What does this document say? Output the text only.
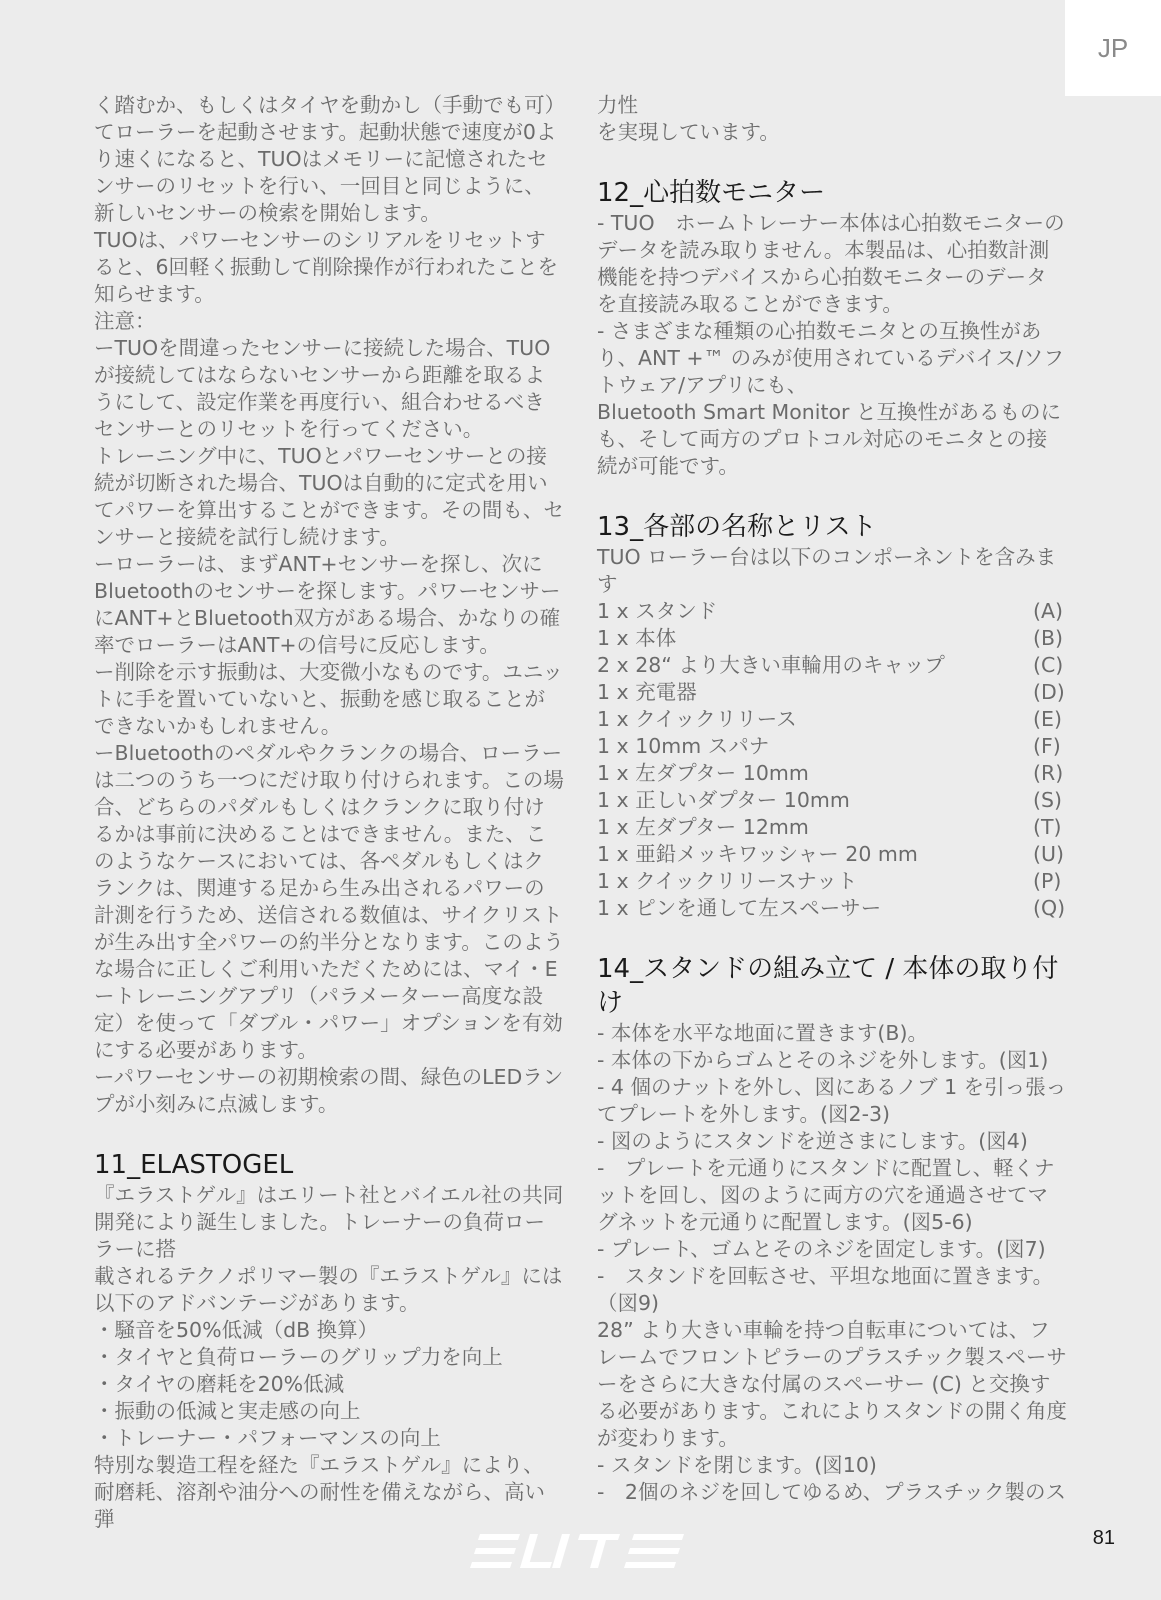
JP

く踏むか、もしくはタイヤを動かし（手動でも可）てローラーを起動させます。起動状態で速度が0より速くになると、TUOはメモリーに記憶されたセンサーのリセットを行い、一回目と同じように、新しいセンサーの検索を開始します。

TUOは、パワーセンサーのシリアルをリセットすると、6回軽く振動して削除操作が行われたことを知らせます。

注意：

ーTUOを間違ったセンサーに接続した場合、TUOが接続してはならないセンサーから距離を取るようにして、設定作業を再度行い、組合わせるべきセンサーとのリセットを行ってください。

トレーニング中に、TUOとパワーセンサーとの接続が切断された場合、TUOは自動的に定式を用いてパワーを算出することができます。その間も、センサーと接続を試行し続けます。

ーローラーは、まずANT+センサーを探し、次にBluetoothのセンサーを探します。パワーセンサーにANT+とBluetooth双方がある場合、かなりの確率でローラーはANT+の信号に反応します。

ー削除を示す振動は、大変微小なものです。ユニットに手を置いていないと、振動を感じ取ることができないかもしれません。

ーBluetoothのペダルやクランクの場合、ローラーは二つのうち一つにだけ取り付けられます。この場合、どちらのパダルもしくはクランクに取り付けるかは事前に決めることはできません。また、このようなケースにおいては、各ペダルもしくはクランクは、関連する足から生み出されるパワーの計測を行うため、送信される数値は、サイクリストが生み出す全パワーの約半分となります。このような場合に正しくご利用いただくためには、マイ・Eートレーニングアプリ（パラメーターー高度な設定）を使って「ダブル・パワー」オプションを有効にする必要があります。

ーパワーセンサーの初期検索の間、緑色のLEDランプが小刻みに点滅します。

11_ELASTOGEL

『エラストゲル』はエリート社とバイエル社の共同開発により誕生しました。トレーナーの負荷ローラーに搭

載されるテクノポリマー製の『エラストゲル』には以下のアドバンテージがあります。

・騒音を50%低減（dB 換算）

・タイヤと負荷ローラーのグリップ力を向上

・タイヤの磨耗を20%低減

・振動の低減と実走感の向上

・トレーナー・パフォーマンスの向上

特別な製造工程を経た『エラストゲル』により、耐磨耗、溶剤や油分への耐性を備えながら、高い弾

力性

を実現しています。

12_心拍数モニター

- TUO　ホームトレーナー本体は心拍数モニターのデータを読み取りません。本製品は、心拍数計測機能を持つデバイスから心拍数モニターのデータを直接読み取ることができます。

- さまざまな種類の心拍数モニタとの互換性があり、ANT +™ のみが使用されているデバイス/ソフトウェア/アプリにも、

Bluetooth Smart Monitor と互換性があるものにも、そして両方のプロトコル対応のモニタとの接続が可能です。

13_各部の名称とリスト

TUO ローラー台は以下のコンポーネントを含みます

1 x スタンド	(A)
1 x 本体	(B)
2 x 28“ より大きい車輪用のキャップ	(C)
1 x 充電器	(D)
1 x クイックリリース	(E)
1 x 10mm スパナ	(F)
1 x 左ダプター 10mm	(R)
1 x 正しいダプター 10mm	(S)
1 x 左ダプター 12mm	(T)
1 x 亜鉛メッキワッシャー 20 mm	(U)
1 x クイックリリースナット	(P)
1 x ピンを通して左スペーサー	(Q)
14_スタンドの組み立て / 本体の取り付け

- 本体を水平な地面に置きます(B)。

- 本体の下からゴムとそのネジを外します。(図1)

- 4 個のナットを外し、図にあるノブ 1 を引っ張ってプレートを外します。(図2-3)

- 図のようにスタンドを逆さまにします。(図4)

-　プレートを元通りにスタンドに配置し、軽くナットを回し、図のように両方の穴を通過させてマグネットを元通りに配置します。(図5-6)

- プレート、ゴムとそのネジを固定します。(図7)

-　スタンドを回転させ、平坦な地面に置きます。（図9)

28” より大きい車輪を持つ自転車については、フレームでフロントピラーのプラスチック製スペーサーをさらに大きな付属のスペーサー (C) と交換する必要があります。これによりスタンドの開く角度が変わります。

- スタンドを閉じます。(図10)

-　2個のネジを回してゆるめ、プラスチック製のス

81
